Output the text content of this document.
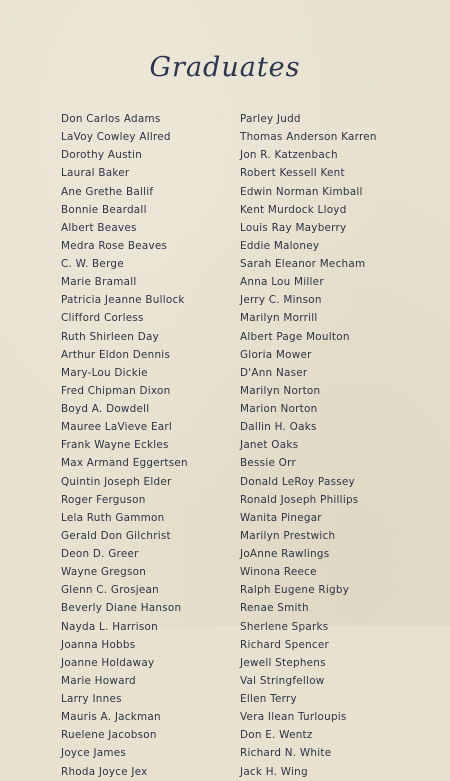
Graduates
Don Carlos Adams
LaVoy Cowley Allred
Dorothy Austin
Laural Baker
Ane Grethe Ballif
Bonnie Beardall
Albert Beaves
Medra Rose Beaves
C. W. Berge
Marie Bramall
Patricia Jeanne Bullock
Clifford Corless
Ruth Shirleen Day
Arthur Eldon Dennis
Mary-Lou Dickie
Fred Chipman Dixon
Boyd A. Dowdell
Mauree LaVieve Earl
Frank Wayne Eckles
Max Armand Eggertsen
Quintin Joseph Elder
Roger Ferguson
Lela Ruth Gammon
Gerald Don Gilchrist
Deon D. Greer
Wayne Gregson
Glenn C. Grosjean
Beverly Diane Hanson
Nayda L. Harrison
Joanna Hobbs
Joanne Holdaway
Marie Howard
Larry Innes
Mauris A. Jackman
Ruelene Jacobson
Joyce James
Rhoda Joyce Jex
Parley Judd
Thomas Anderson Karren
Jon R. Katzenbach
Robert Kessell Kent
Edwin Norman Kimball
Kent Murdock Lloyd
Louis Ray Mayberry
Eddie Maloney
Sarah Eleanor Mecham
Anna Lou Miller
Jerry C. Minson
Marilyn Morrill
Albert Page Moulton
Gloria Mower
D'Ann Naser
Marilyn Norton
Marion Norton
Dallin H. Oaks
Janet Oaks
Bessie Orr
Donald LeRoy Passey
Ronald Joseph Phillips
Wanita Pinegar
Marilyn Prestwich
JoAnne Rawlings
Winona Reece
Ralph Eugene Rigby
Renae Smith
Sherlene Sparks
Richard Spencer
Jewell Stephens
Val Stringfellow
Ellen Terry
Vera Ilean Turloupis
Don E. Wentz
Richard N. White
Jack H. Wing
